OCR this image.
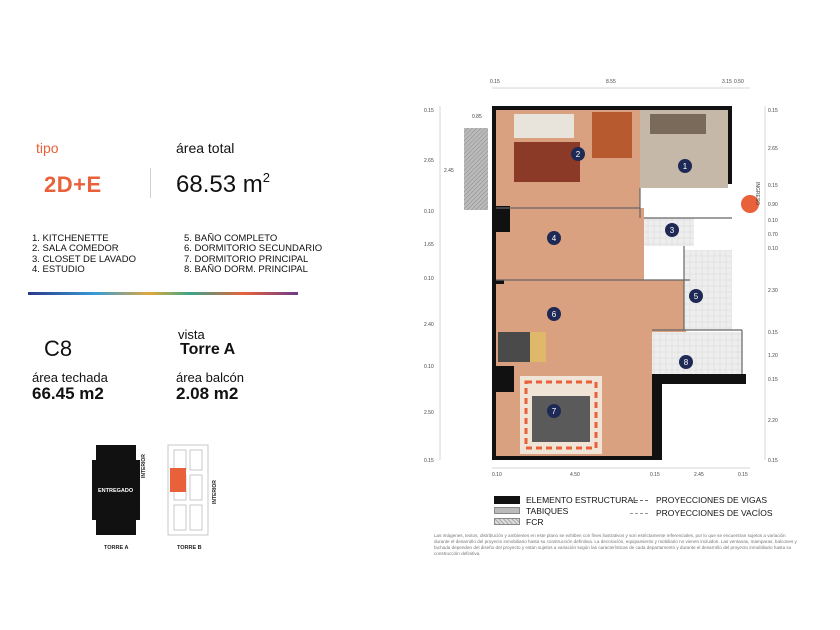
tipo
2D+E
área total
68.53 $m^2$
1. KITCHENETTE
2. SALA COMEDOR
3. CLOSET DE LAVADO
4. ESTUDIO
5. BAÑO COMPLETO
6. DORMITORIO SECUNDARIO
7. DORMITORIO PRINCIPAL
8. BAÑO DORM. PRINCIPAL
C8
vista
Torre A
área techada
66.45 m2
área balcón
2.08 m2
ENTREGADO
INTERIOR
INTERIOR
TORRE A	TORRE B
1
2
3
4
5
6
7
8
INGRESO
0.15	8.55	3.15 0.50
0.10	4.50	0.15	2.45	0.15
0.15
2.65
0.10
1.65
0.10
2.40
0.10
2.50
0.15
0.85
2.45
0.15
2.65
0.15
0.90
0.10
0.70
0.10
2.30
0.15
1.20
0.15
2.20
0.15
ELEMENTO ESTRUCTURAL
TABIQUES
FCR
PROYECCIONES DE VIGAS
PROYECCIONES DE VACÍOS
Las imágenes, textos, distribución y ambientes en este plano se exhiben con fines ilustrativos y son estrictamente referenciales, por lo que se encuentran sujetos a variación durante el desarrollo del proyecto inmobiliario hasta su construcción definitiva. La decoración, equipamiento y mobiliario no vienen incluidos. Las ventanas, mamparas, balcones y fachada dependen del diseño del proyecto y están sujetos a variación según las características de cada departamento y durante el desarrollo del proyecto inmobiliario hasta su construcción definitiva.
